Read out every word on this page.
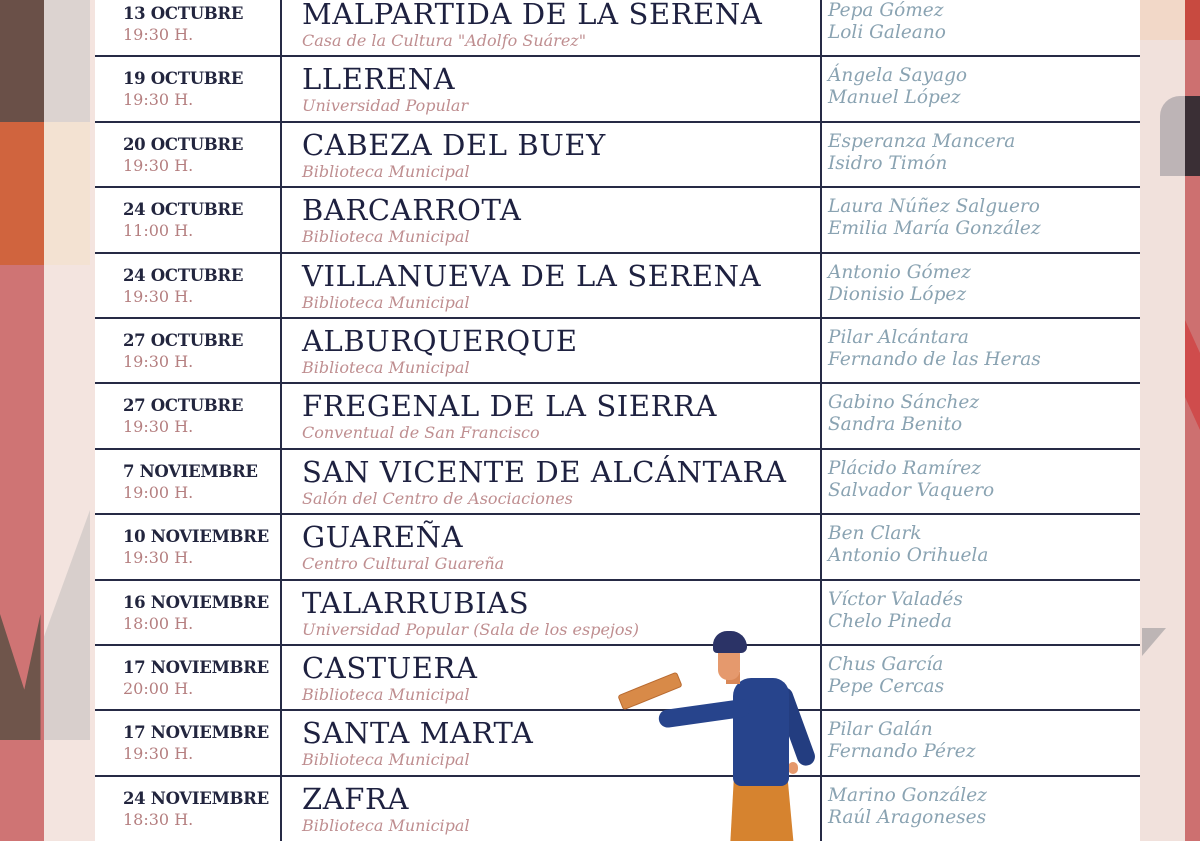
13 OCTUBRE
19:30 H.
MALPARTIDA DE LA SERENA
Casa de la Cultura "Adolfo Suárez"
Pepa Gómez
Loli Galeano
19 OCTUBRE
19:30 H.
LLERENA
Universidad Popular
Ángela Sayago
Manuel López
20 OCTUBRE
19:30 H.
CABEZA DEL BUEY
Biblioteca Municipal
Esperanza Mancera
Isidro Timón
24 OCTUBRE
11:00 H.
BARCARROTA
Biblioteca Municipal
Laura Núñez Salguero
Emilia María González
24 OCTUBRE
19:30 H.
VILLANUEVA DE LA SERENA
Biblioteca Municipal
Antonio Gómez
Dionisio López
27 OCTUBRE
19:30 H.
ALBURQUERQUE
Biblioteca Municipal
Pilar Alcántara
Fernando de las Heras
27 OCTUBRE
19:30 H.
FREGENAL DE LA SIERRA
Conventual de San Francisco
Gabino Sánchez
Sandra Benito
7 NOVIEMBRE
19:00 H.
SAN VICENTE DE ALCÁNTARA
Salón del Centro de Asociaciones
Plácido Ramírez
Salvador Vaquero
10 NOVIEMBRE
19:30 H.
GUAREÑA
Centro Cultural Guareña
Ben Clark
Antonio Orihuela
16 NOVIEMBRE
18:00 H.
TALARRUBIAS
Universidad Popular (Sala de los espejos)
Víctor Valadés
Chelo Pineda
17 NOVIEMBRE
20:00 H.
CASTUERA
Biblioteca Municipal
Chus García
Pepe Cercas
17 NOVIEMBRE
19:30 H.
SANTA MARTA
Biblioteca Municipal
Pilar Galán
Fernando Pérez
24 NOVIEMBRE
18:30 H.
ZAFRA
Biblioteca Municipal
Marino González
Raúl Aragoneses
